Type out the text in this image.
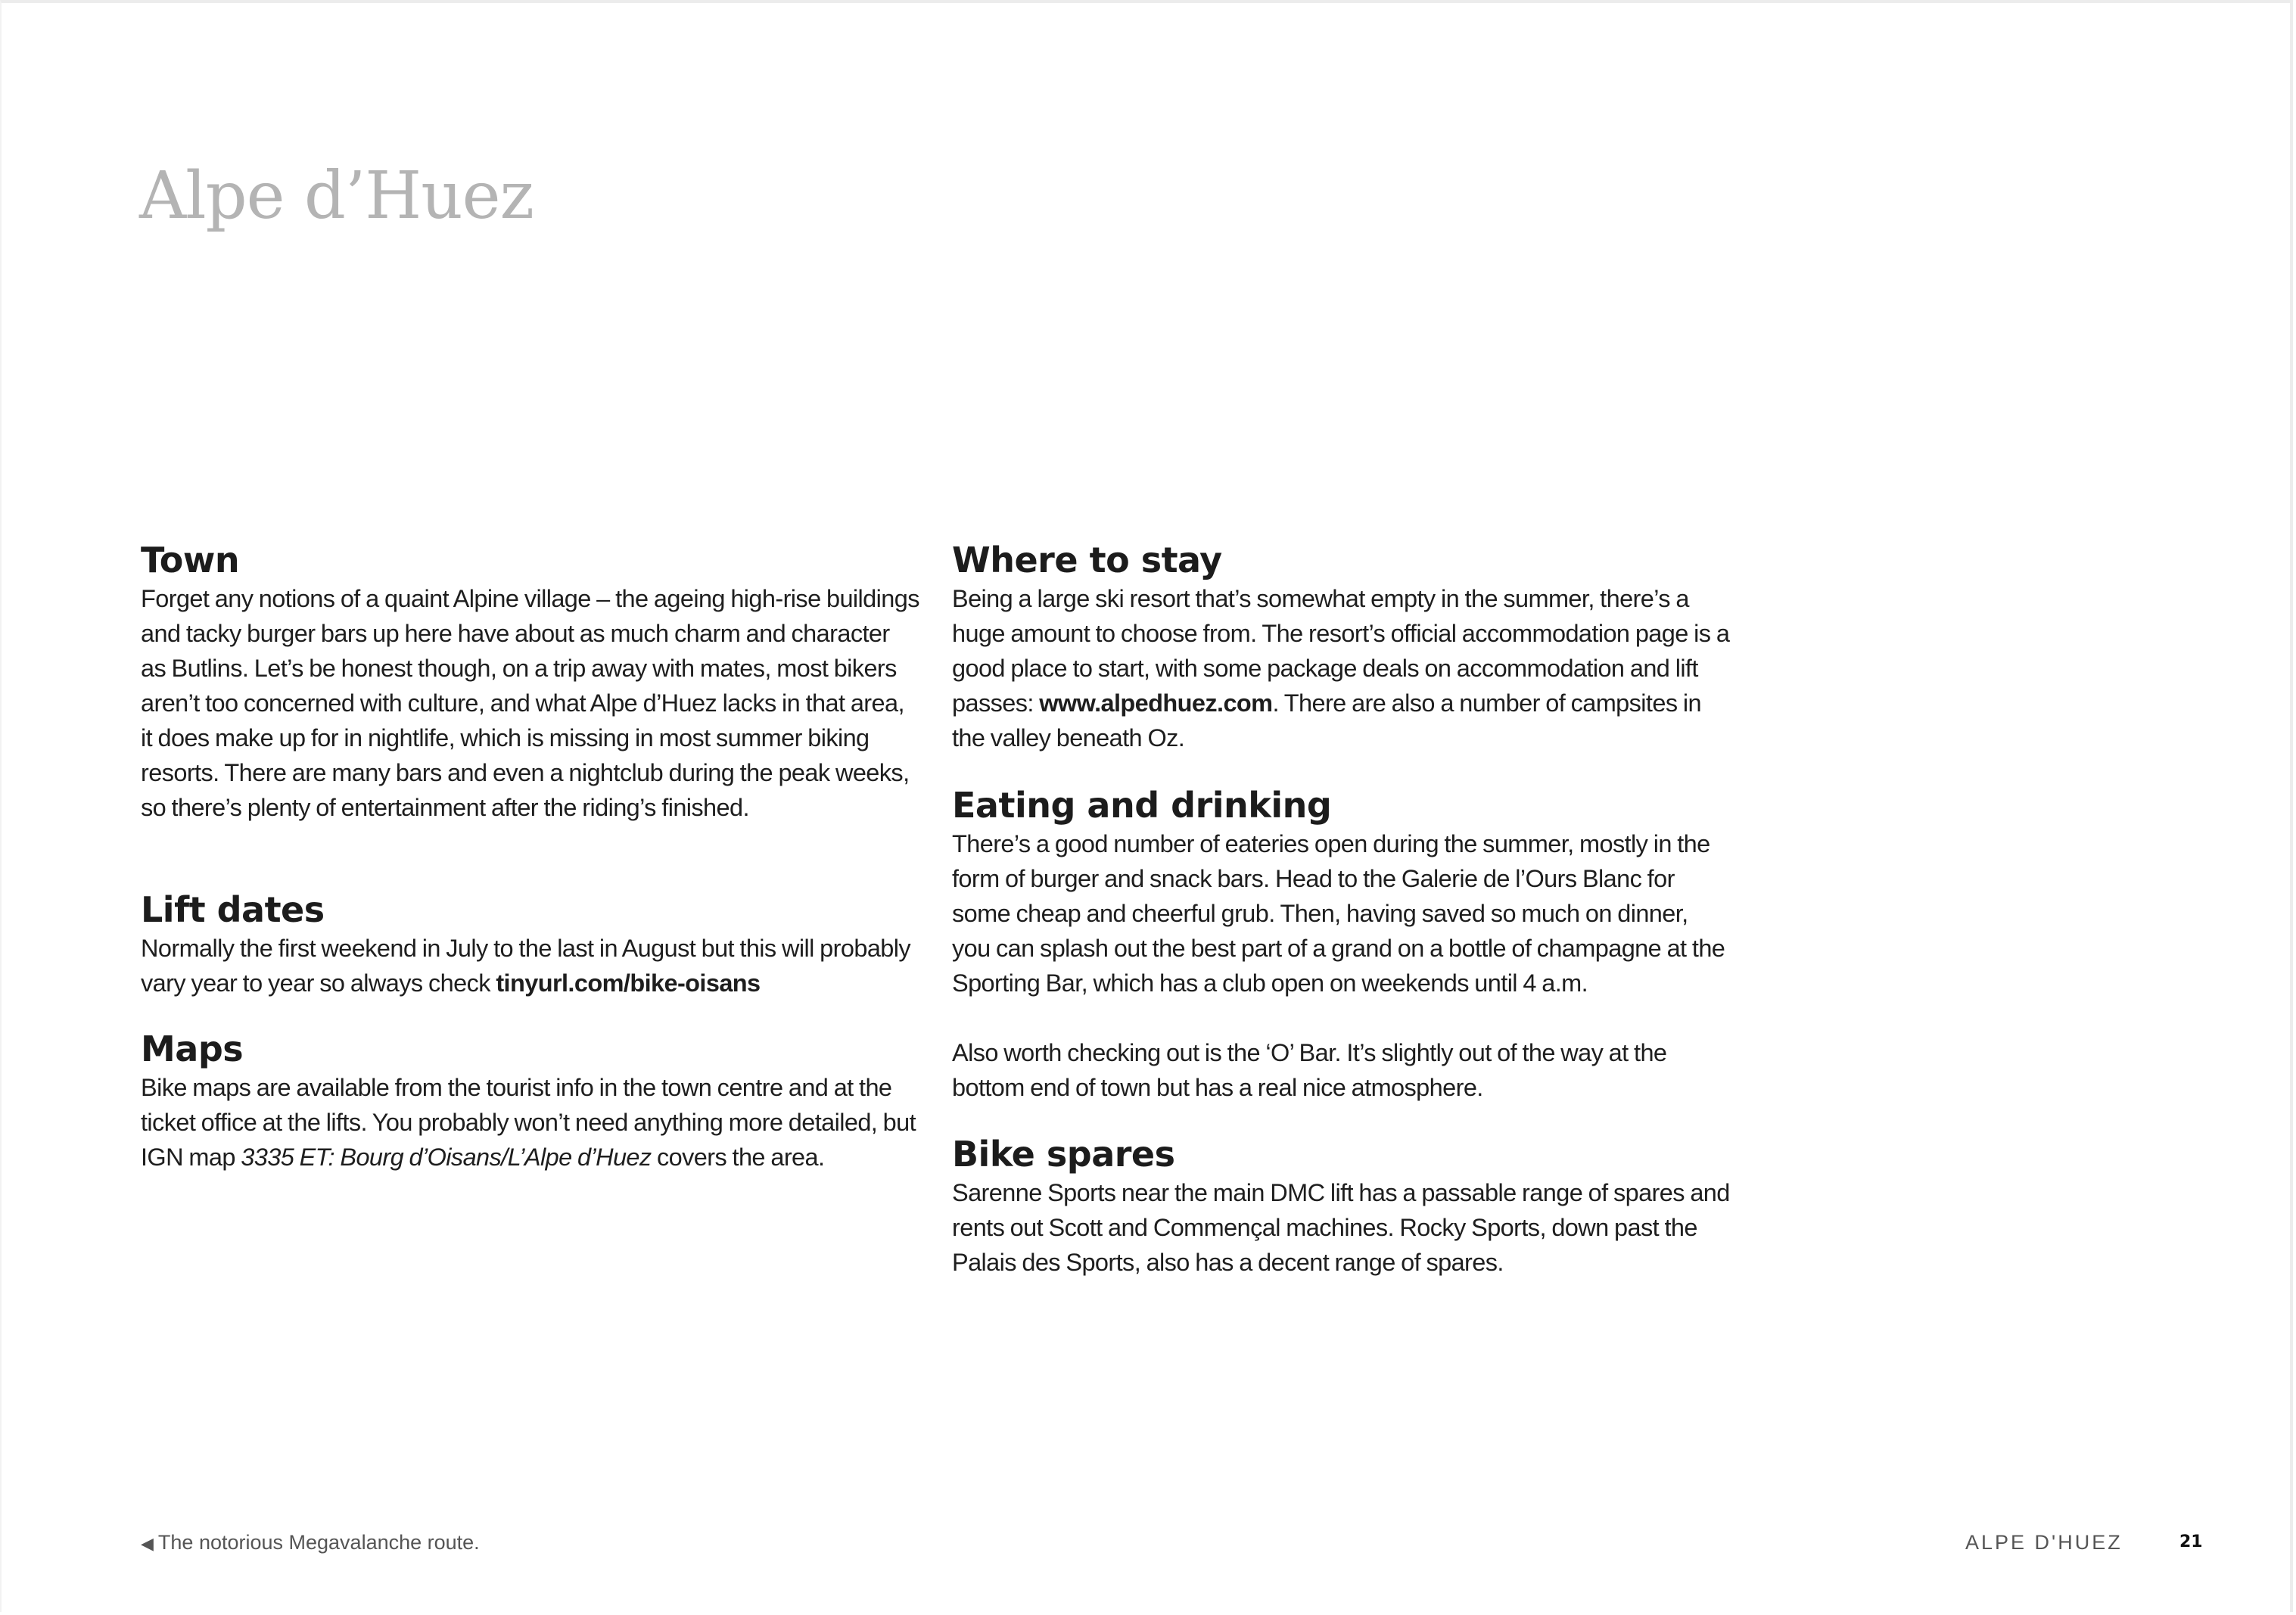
Alpe d’Huez
Town

Forget any notions of a quaint Alpine village – the ageing high-rise buildings and tacky burger bars up here have about as much charm and character as Butlins. Let’s be honest though, on a trip away with mates, most bikers aren’t too concerned with culture, and what Alpe d’Huez lacks in that area, it does make up for in nightlife, which is missing in most summer biking resorts. There are many bars and even a nightclub during the peak weeks, so there’s plenty of entertainment after the riding’s finished.

Lift dates

Normally the first weekend in July to the last in August but this will probably vary year to year so always check tinyurl.com/bike-oisans

Maps

Bike maps are available from the tourist info in the town centre and at the ticket office at the lifts. You probably won’t need anything more detailed, but IGN map 3335 ET: Bourg d’Oisans/L’Alpe d’Huez covers the area.

Where to stay

Being a large ski resort that’s somewhat empty in the summer, there’s a huge amount to choose from. The resort’s official accommodation page is a good place to start, with some package deals on accommodation and lift passes: www.alpedhuez.com. There are also a number of campsites in the valley beneath Oz.

Eating and drinking

There’s a good number of eateries open during the summer, mostly in the form of burger and snack bars. Head to the Galerie de l’Ours Blanc for some cheap and cheerful grub. Then, having saved so much on dinner, you can splash out the best part of a grand on a bottle of champagne at the Sporting Bar, which has a club open on weekends until 4 a.m.

Also worth checking out is the ‘O’ Bar. It’s slightly out of the way at the bottom end of town but has a real nice atmosphere.

Bike spares

Sarenne Sports near the main DMC lift has a passable range of spares and rents out Scott and Commençal machines. Rocky Sports, down past the Palais des Sports, also has a decent range of spares.

◀ The notorious Megavalanche route.	ALPE D'HUEZ	21
